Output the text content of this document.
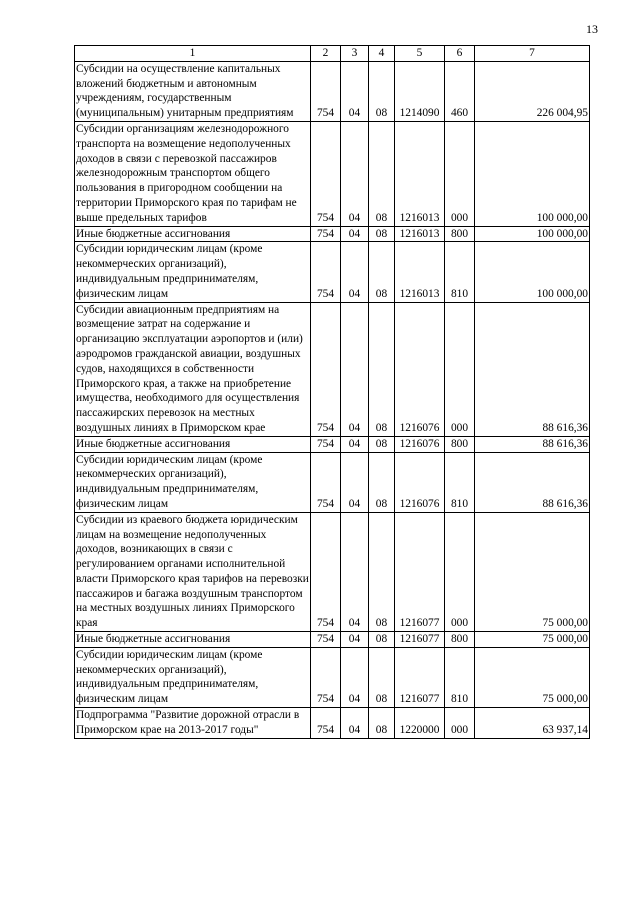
13
1	2	3	4	5	6	7
Субсидии на осуществление капитальных вложений бюджетным и автономным учреждениям, государственным (муниципальным) унитарным предприятиям	754	04	08	1214090	460	226 004,95
Субсидии организациям железнодорожного транспорта на возмещение недополученных доходов в связи с перевозкой пассажиров железнодорожным транспортом общего пользования в пригородном сообщении на территории Приморского края по тарифам не выше предельных тарифов	754	04	08	1216013	000	100 000,00
Иные бюджетные ассигнования	754	04	08	1216013	800	100 000,00
Субсидии юридическим лицам (кроме некоммерческих организаций), индивидуальным предпринимателям, физическим лицам	754	04	08	1216013	810	100 000,00
Субсидии авиационным предприятиям на возмещение затрат на содержание и организацию эксплуатации аэропортов и (или) аэродромов гражданской авиации, воздушных судов, находящихся в собственности Приморского края, а также на приобретение имущества, необходимого для осуществления пассажирских перевозок на местных воздушных линиях в Приморском крае	754	04	08	1216076	000	88 616,36
Иные бюджетные ассигнования	754	04	08	1216076	800	88 616,36
Субсидии юридическим лицам (кроме некоммерческих организаций), индивидуальным предпринимателям, физическим лицам	754	04	08	1216076	810	88 616,36
Субсидии из краевого бюджета юридическим лицам на возмещение недополученных доходов, возникающих в связи с регулированием органами исполнительной власти Приморского края тарифов на перевозки пассажиров и багажа воздушным транспортом на местных воздушных линиях Приморского края	754	04	08	1216077	000	75 000,00
Иные бюджетные ассигнования	754	04	08	1216077	800	75 000,00
Субсидии юридическим лицам (кроме некоммерческих организаций), индивидуальным предпринимателям, физическим лицам	754	04	08	1216077	810	75 000,00
Подпрограмма "Развитие дорожной отрасли в Приморском крае на 2013-2017 годы"	754	04	08	1220000	000	63 937,14
